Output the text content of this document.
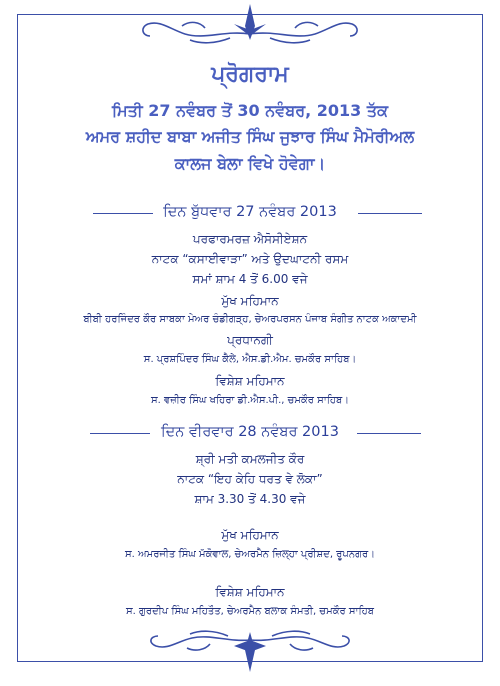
ਪ੍ਰੋਗਰਾਮ
ਮਿਤੀ 27 ਨਵੰਬਰ ਤੋਂ 30 ਨਵੰਬਰ, 2013 ਤੱਕ
ਅਮਰ ਸ਼ਹੀਦ ਬਾਬਾ ਅਜੀਤ ਸਿੰਘ ਜੁਝਾਰ ਸਿੰਘ ਮੈਮੋਰੀਅਲ
ਕਾਲਜ ਬੇਲਾ ਵਿਖੇ ਹੋਵੇਗਾ।
ਦਿਨ ਬੁੱਧਵਾਰ 27 ਨਵੰਬਰ 2013
ਪਰਫਾਰਮਰਜ਼ ਐਸੋਸੀਏਸ਼ਨ
ਨਾਟਕ “ਕਸਾਈਵਾੜਾ” ਅਤੇ ਉਦਘਾਟਨੀ ਰਸਮ
ਸਮਾਂ ਸ਼ਾਮ 4 ਤੋਂ 6.00 ਵਜੇ
ਮੁੱਖ ਮਹਿਮਾਨ
ਬੀਬੀ ਹਰਜਿੰਦਰ ਕੌਰ ਸਾਬਕਾ ਮੇਅਰ ਚੰਡੀਗੜ੍ਹ, ਚੇਅਰਪਰਸਨ ਪੰਜਾਬ ਸੰਗੀਤ ਨਾਟਕ ਅਕਾਦਮੀ
ਪ੍ਰਧਾਨਗੀ
ਸ. ਪ੍ਰਸ਼ਪਿੰਦਰ ਸਿੰਘ ਕੈਲੇ, ਐਸ.ਡੀ.ਐਮ. ਚਮਕੌਰ ਸਾਹਿਬ।
ਵਿਸ਼ੇਸ਼ ਮਹਿਮਾਨ
ਸ. ਵਜ਼ੀਰ ਸਿੰਘ ਖਹਿਰਾ ਡੀ.ਐਸ.ਪੀ., ਚਮਕੌਰ ਸਾਹਿਬ।
ਦਿਨ ਵੀਰਵਾਰ 28 ਨਵੰਬਰ 2013
ਸ਼੍ਰੀ ਮਤੀ ਕਮਲਜੀਤ ਕੌਰ
ਨਾਟਕ “ਇਹ ਕੇਹਿ ਧਰਤ ਵੇ ਲੋਕਾ”
ਸ਼ਾਮ 3.30 ਤੋਂ 4.30 ਵਜੇ
ਮੁੱਖ ਮਹਿਮਾਨ
ਸ. ਅਮਰਜੀਤ ਸਿੰਘ ਮੱਕੋਵਾਲ, ਚੇਅਰਮੈਨ ਜ਼ਿਲ੍ਹਾ ਪ੍ਰੀਸ਼ਦ, ਰੂਪਨਗਰ।
ਵਿਸ਼ੇਸ਼ ਮਹਿਮਾਨ
ਸ. ਗੁਰਦੀਪ ਸਿੰਘ ਮਹਿਤੌਤ, ਚੇਅਰਮੈਨ ਬਲਾਕ ਸੰਮਤੀ, ਚਮਕੌਰ ਸਾਹਿਬ
